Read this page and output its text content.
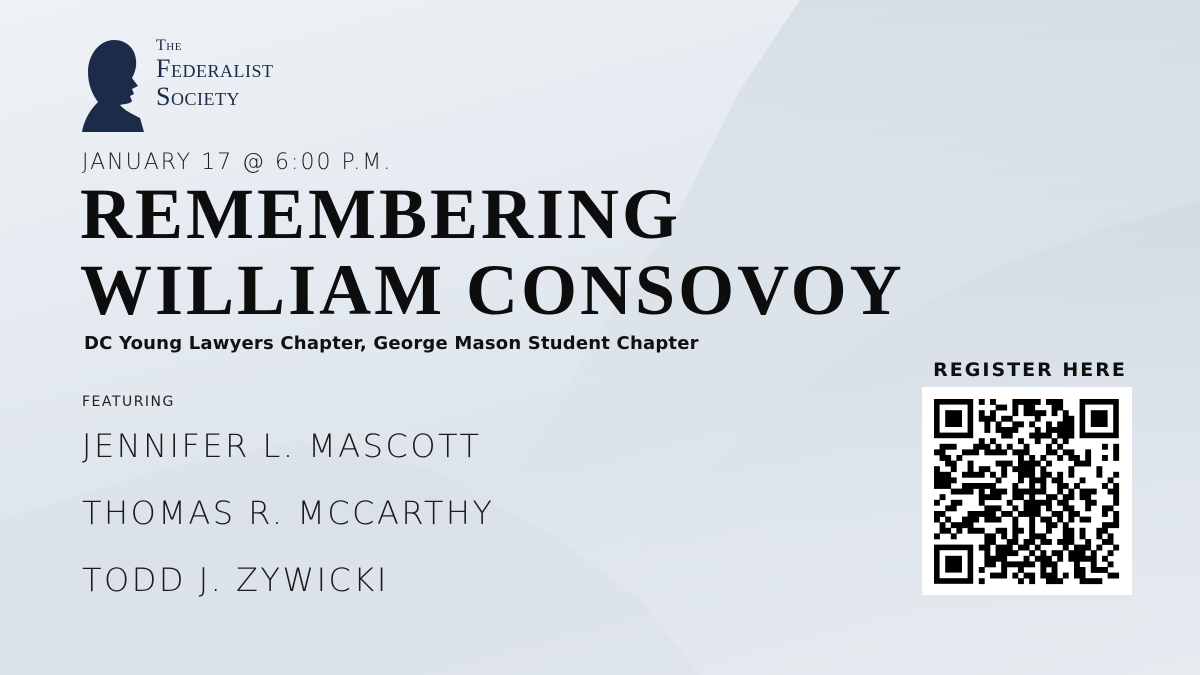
The
Federalist
Society
JANUARY 17 @ 6:00 P.M.
REMEMBERING
WILLIAM CONSOVOY
DC Young Lawyers Chapter, George Mason Student Chapter
FEATURING
JENNIFER L. MASCOTT
THOMAS R. MCCARTHY
TODD J. ZYWICKI
REGISTER HERE
